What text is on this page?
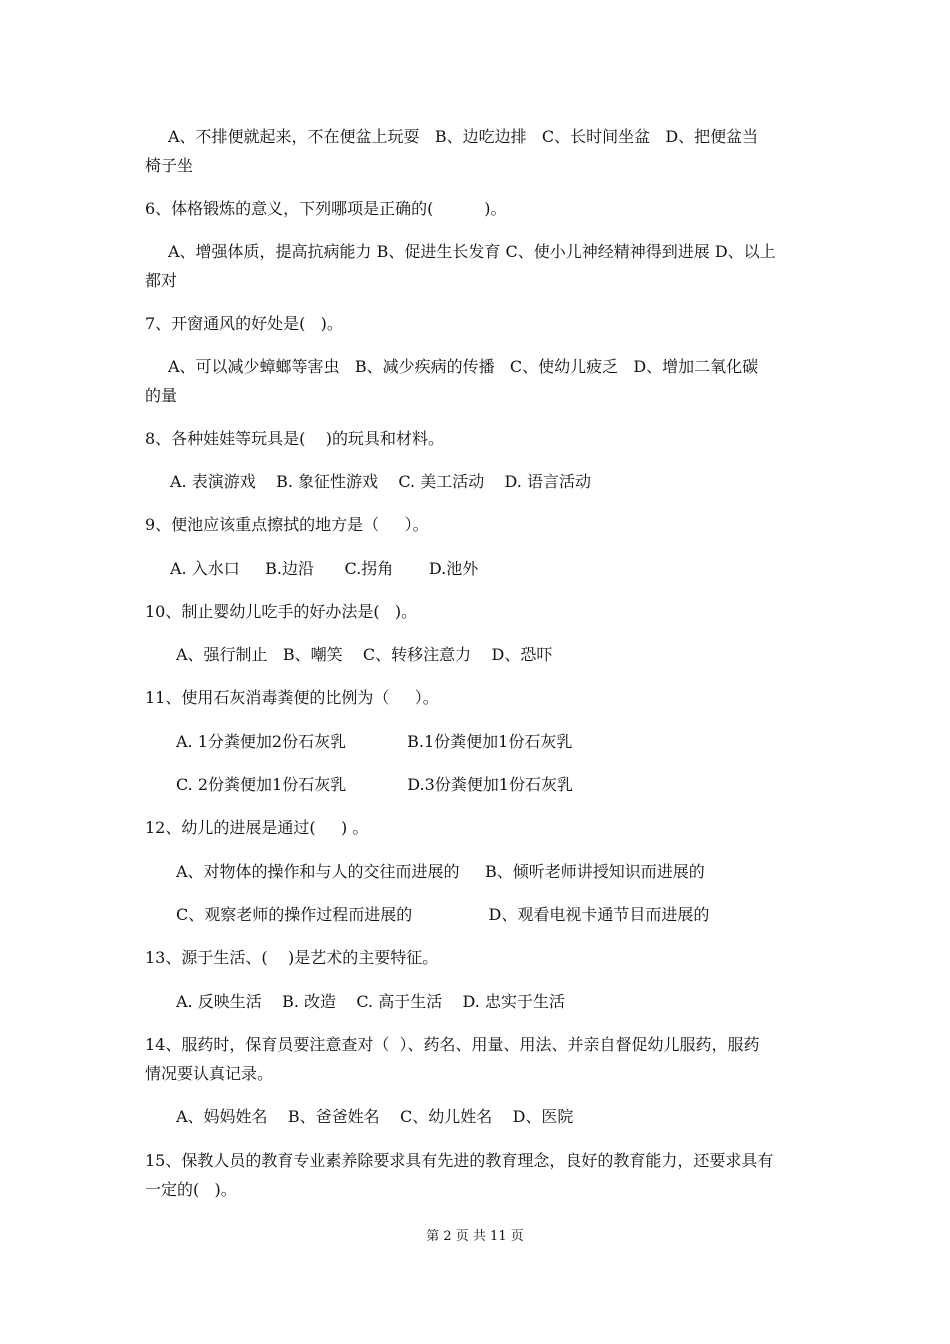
A、不排便就起来，不在便盆上玩耍   B、边吃边排   C、长时间坐盆   D、把便盆当
椅子坐
6、体格锻炼的意义，下列哪项是正确的(          )。
A、增强体质，提高抗病能力 B、促进生长发育 C、使小儿神经精神得到进展 D、以上
都对
7、开窗通风的好处是(   )。
A、可以减少蟑螂等害虫   B、减少疾病的传播   C、使幼儿疲乏   D、增加二氧化碳
的量
8、各种娃娃等玩具是(    )的玩具和材料。
A. 表演游戏    B. 象征性游戏    C. 美工活动    D. 语言活动
9、便池应该重点擦拭的地方是（     ）。
A. 入水口     B.边沿      C.拐角       D.池外
10、制止婴幼儿吃手的好办法是(   )。
A、强行制止   B、嘲笑    C、转移注意力    D、恐吓
11、使用石灰消毒粪便的比例为（     ）。
A. 1分粪便加2份石灰乳            B.1份粪便加1份石灰乳
C. 2份粪便加1份石灰乳            D.3份粪便加1份石灰乳
12、幼儿的进展是通过(     ) 。
A、对物体的操作和与人的交往而进展的     B、倾听老师讲授知识而进展的
C、观察老师的操作过程而进展的               D、观看电视卡通节目而进展的
13、源于生活、(    )是艺术的主要特征。
A. 反映生活    B. 改造    C. 高于生活    D. 忠实于生活
14、服药时，保育员要注意查对（  ）、药名、用量、用法、并亲自督促幼儿服药，服药
情况要认真记录。
A、妈妈姓名    B、爸爸姓名    C、幼儿姓名    D、医院
15、保教人员的教育专业素养除要求具有先进的教育理念，良好的教育能力，还要求具有
一定的(   )。
第 2 页 共 11 页
